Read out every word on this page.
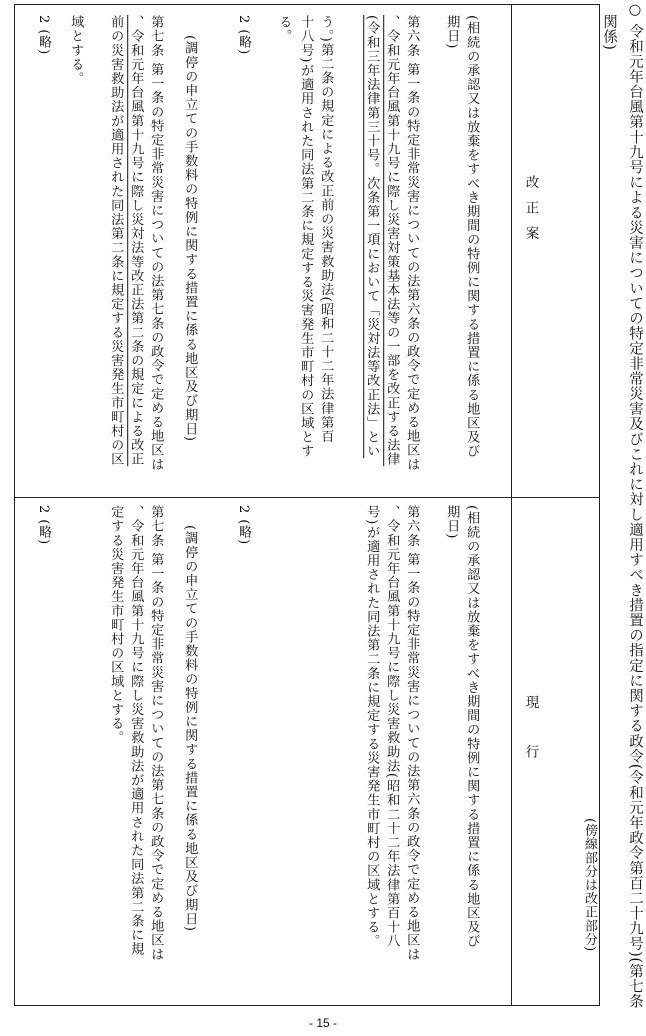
○ 令和元年台風第十九号による災害についての特定非常災害及びこれに対し適用すべき措置の指定に関する政令(令和元年政令第百二十九号)(第七条
関係)
(傍線部分は改正部分)
改正案
現行
(相続の承認又は放棄をすべき期間の特例に関する措置に係る地区及び
期日)
第六条 第一条の特定非常災害についての法第六条の政令で定める地区は
、令和元年台風第十九号に際し災害対策基本法等の一部を改正する法律
(令和三年法律第三十号。次条第一項において「災対法等改正法」とい
う。)第二条の規定による改正前の災害救助法(昭和二十二年法律第百
十八号)が適用された同法第二条に規定する災害発生市町村の区域とす
る。
2 (略)
(調停の申立ての手数料の特例に関する措置に係る地区及び期日)
第七条 第一条の特定非常災害についての法第七条の政令で定める地区は
、令和元年台風第十九号に際し災対法等改正法第二条の規定による改正
前の災害救助法が適用された同法第二条に規定する災害発生市町村の区
域とする。
2 (略)
(相続の承認又は放棄をすべき期間の特例に関する措置に係る地区及び
期日)
第六条 第一条の特定非常災害についての法第六条の政令で定める地区は
、令和元年台風第十九号に際し災害救助法(昭和二十二年法律第百十八
号)が適用された同法第二条に規定する災害発生市町村の区域とする。
2 (略)
(調停の申立ての手数料の特例に関する措置に係る地区及び期日)
第七条 第一条の特定非常災害についての法第七条の政令で定める地区は
、令和元年台風第十九号に際し災害救助法が適用された同法第二条に規
定する災害発生市町村の区域とする。
2 (略)
- 15 -
